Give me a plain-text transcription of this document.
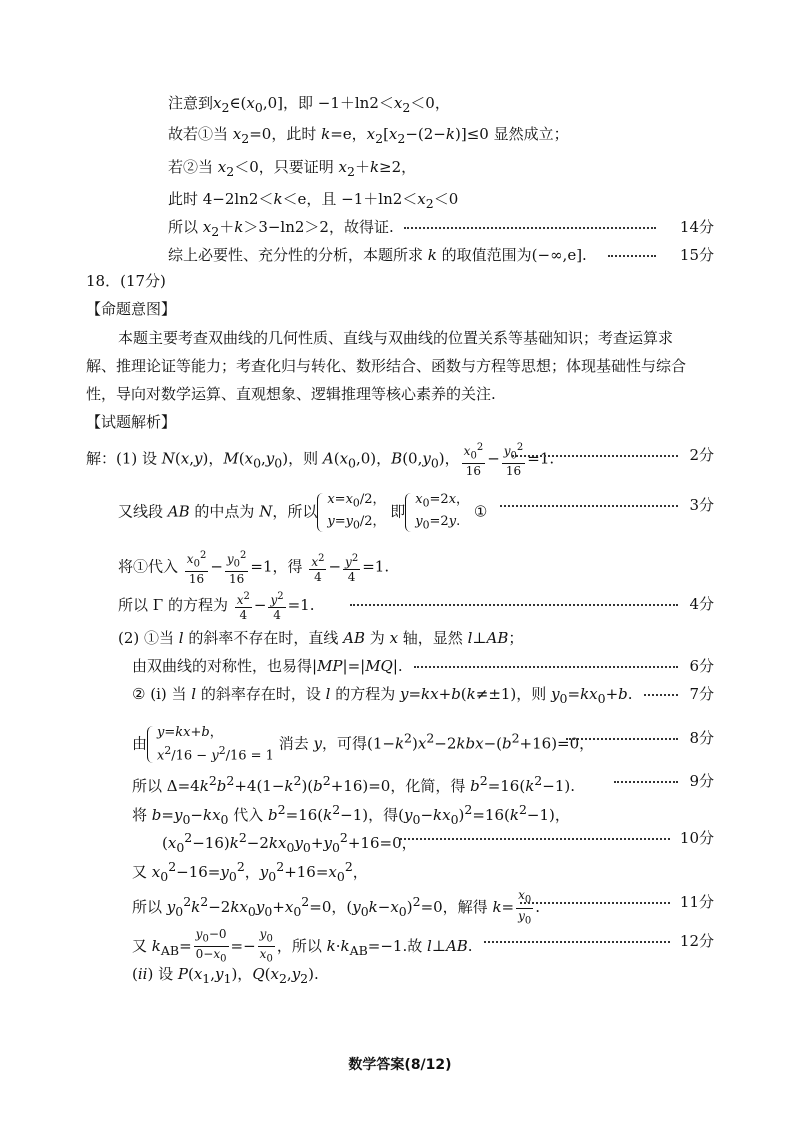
注意到$x_2\in(x_0,0]$，即 $-1+\ln 2<x_2<0$，
故若①当 $x_2=0$，此时 k=e，$x_2[x_2-(2-k)]\le 0$ 显然成立；
若②当 $x_2<0$，只要证明 $x_2+k\ge 2$，
此时 4−2ln2＜k＜e，且 $-1+\ln 2<x_2<0$
所以 $x_2+k>3-\ln 2>2$，故得证.	14分
综上必要性、充分性的分析，本题所求 k 的取值范围为(−∞,e].	15分
18．(17分)
【命题意图】
本题主要考查双曲线的几何性质、直线与双曲线的位置关系等基础知识；考查运算求
解、推理论证等能力；考查化归与转化、数形结合、函数与方程等思想；体现基础性与综合
性，导向对数学运算、直观想象、逻辑推理等核心素养的关注.
【试题解析】
解：(1) 设 N(x,y)，$M(x_0,y_0)$，则 $A(x_0,0)$，$B(0,y_0)$， $\frac{x_0^2}{16} - \frac{y_0^2}{16} =1$.	2分
又线段 AB 的中点为 N，所以
$x=x_0/2$，
$y=y_0/2$，
即
$x_0=2x$，
$y_0=2y$.
①	3分
将①代入 $\frac{x_0^2}{16} - \frac{y_0^2}{16} =1$，得 $\frac{x^2}{4} - \frac{y^2}{4} =1$.
所以 Γ 的方程为 $\frac{x^2}{4} - \frac{y^2}{4} =1$.	4分
(2) ①当 l 的斜率不存在时，直线 AB 为 x 轴，显然 l⊥AB；
由双曲线的对称性，也易得|MP|=|MQ|.	6分
② (i) 当 l 的斜率存在时，设 l 的方程为 y=kx+b(k≠±1)，则 $y_0=kx_0+b$.	7分
由
y=kx+b，
$x^2/16 - y^2/16 = 1$
消去 y，可得$(1-k^2)x^2-2kbx-(b^2+16)=0$，	8分
所以 $\Delta=4k^2b^2+4(1-k^2)(b^2+16)=0$，化简，得 $b^2=16(k^2-1)$.	9分
将 $b=y_0-kx_0$ 代入 $b^2=16(k^2-1)$，得$(y_0-kx_0)^2=16(k^2-1)$，
$(x_0^2-16)k^2-2kx_0y_0+y_0^2+16=0$，	10分
又 $x_0^2-16=y_0^2$，$y_0^2+16=x_0^2$，
所以 $y_0^2k^2-2kx_0y_0+x_0^2=0$，$(y_0k-x_0)^2=0$，解得 $k= \frac{x_0}{y_0}$ .	11分
又 $k_{AB}= \frac{y_0-0}{0-x_0} =- \frac{y_0}{x_0}$ ，所以 $k\cdot k_{AB}=-1$.故 l⊥AB.	12分
(ii) 设 $P(x_1,y_1)$，$Q(x_2,y_2)$.
数学答案(8/12)
